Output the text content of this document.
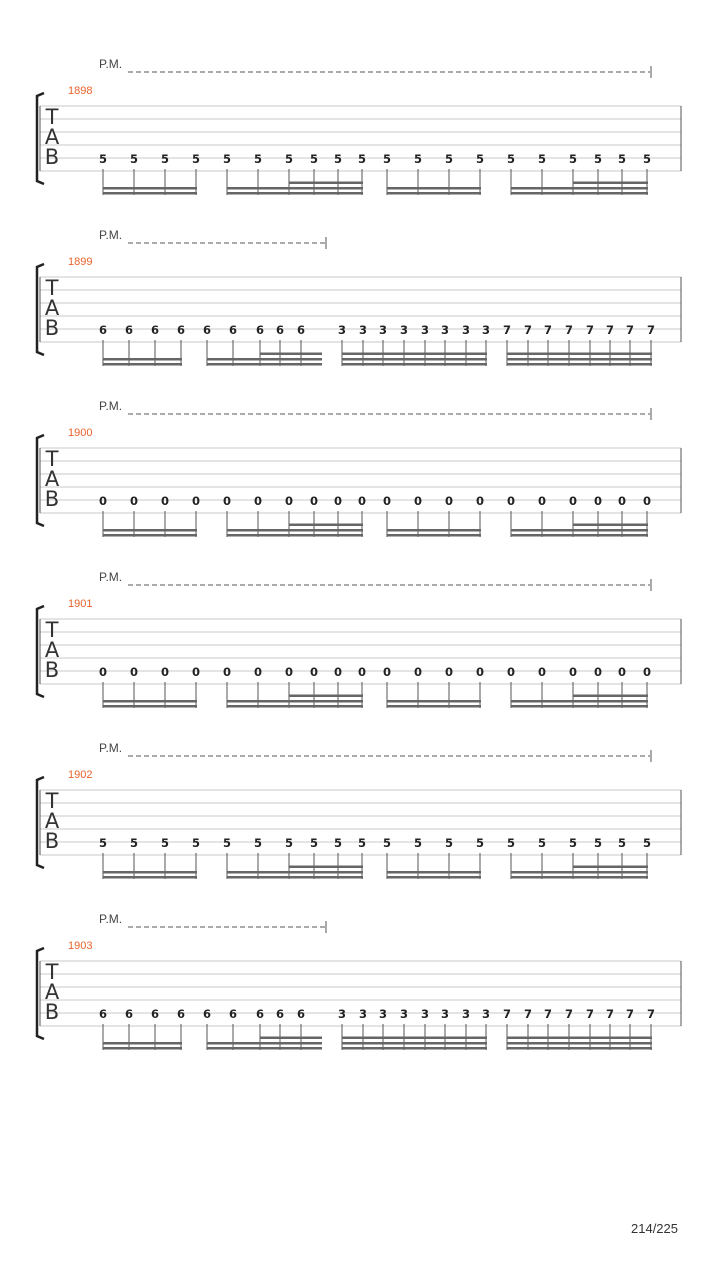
P.M.
1898
T
A
B	5 5 5 5 5 5 5 5 5 5 5 5 5 5 5 5 5 5 5 5
P.M.
1899
T
A
B	6 6 6 6 6 6 6 6 6	3 3 3 3 3 3 3 3 7 7 7 7 7 7 7 7
P.M.
1900
T
A
B	0 0 0 0 0 0 0 0 0 0 0 0 0 0 0 0 0 0 0 0
P.M.
1901
T
A
B	0 0 0 0 0 0 0 0 0 0 0 0 0 0 0 0 0 0 0 0
P.M.
1902
T
A
B	5 5 5 5 5 5 5 5 5 5 5 5 5 5 5 5 5 5 5 5
P.M.
1903
T
A
B	6 6 6 6 6 6 6 6 6	3 3 3 3 3 3 3 3 7 7 7 7 7 7 7 7
214/225
